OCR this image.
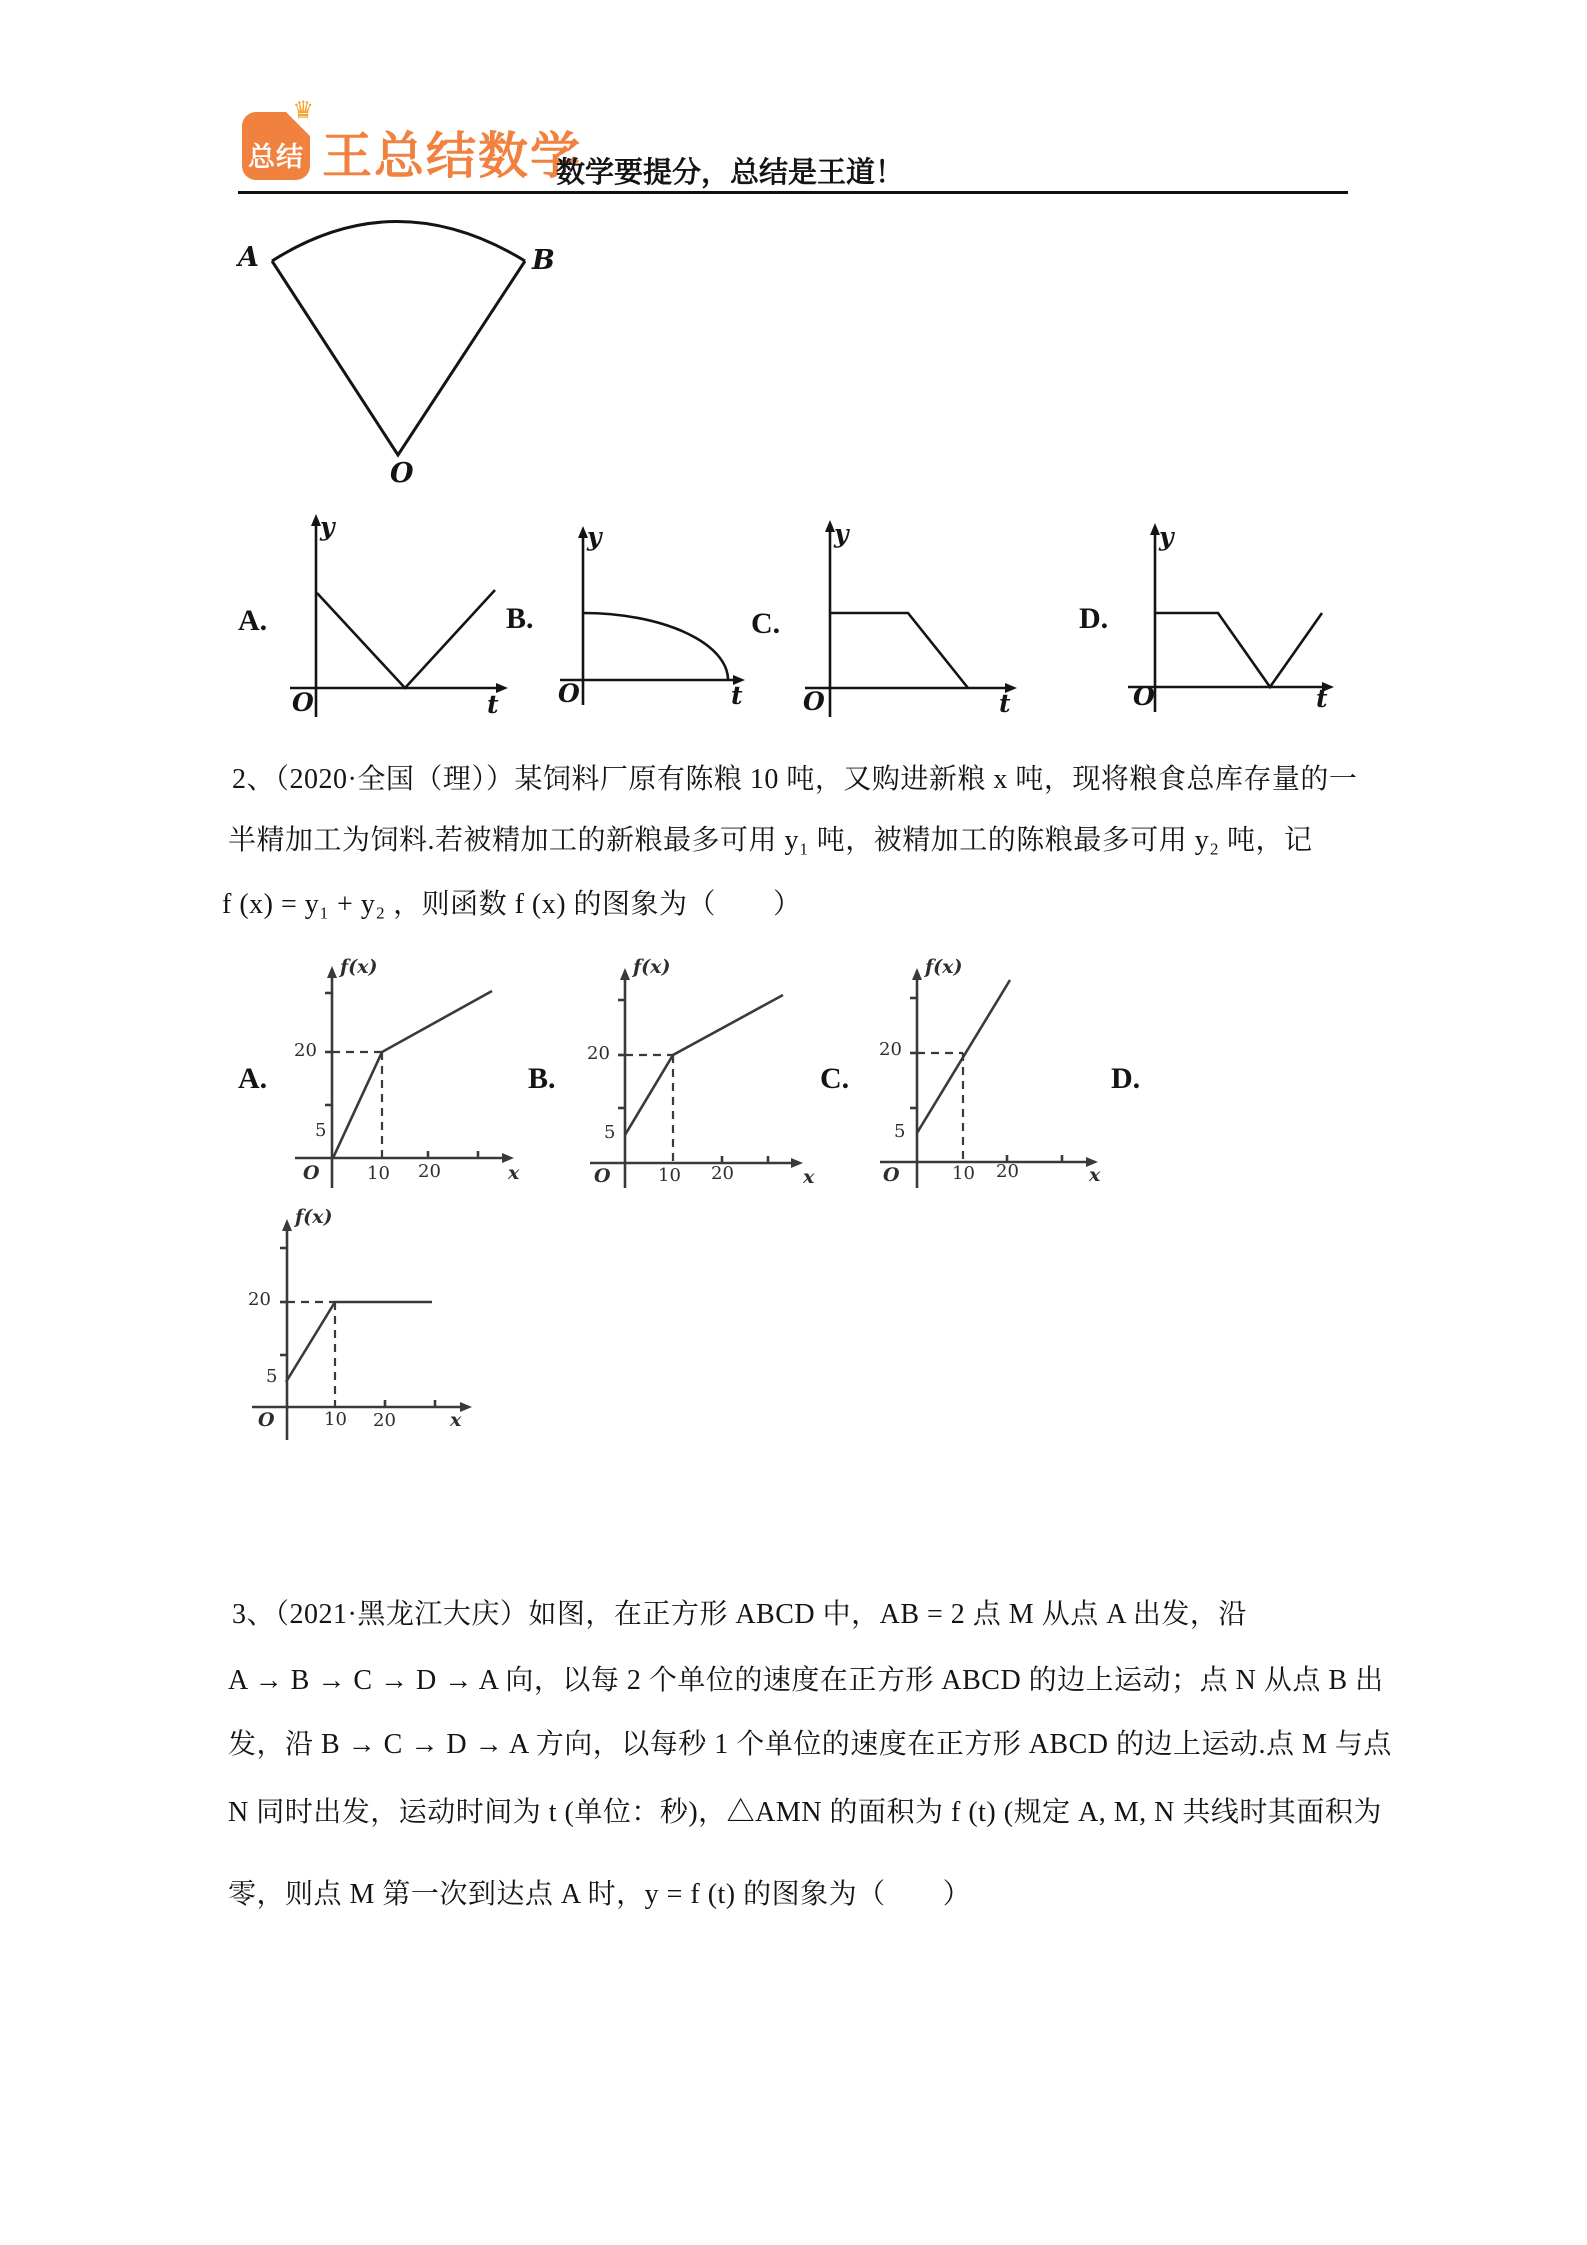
♛
总结 王总结数学
数学要提分，总结是王道！
A	B
O
A.	B.	C.	D.
y
t
O
y
t
O
y
t
O
y
t
O
2、（2020·全国（理））某饲料厂原有陈粮 10 吨，又购进新粮 x 吨，现将粮食总库存量的一
半精加工为饲料.若被精加工的新粮最多可用 y₁ 吨，被精加工的陈粮最多可用 y₂ 吨，记
f (x) = y₁ + y₂ ，则函数 f (x) 的图象为（　　）
A.	B.	C.	D.
f(x)
O
20
5
10 20	x
f(x)
O
20
5
10 20	x
f(x)
O
20
5
10 20	x
f(x)
O
20
5
10 20	x
3、（2021·黑龙江大庆）如图，在正方形 ABCD 中，AB = 2 点 M 从点 A 出发，沿
A → B → C → D → A 向，以每 2 个单位的速度在正方形 ABCD 的边上运动；点 N 从点 B 出
发，沿 B → C → D → A 方向，以每秒 1 个单位的速度在正方形 ABCD 的边上运动.点 M 与点
N 同时出发，运动时间为 t (单位：秒)，△AMN 的面积为 f (t) (规定 A, M, N 共线时其面积为
零，则点 M 第一次到达点 A 时，y = f (t) 的图象为（　　）
